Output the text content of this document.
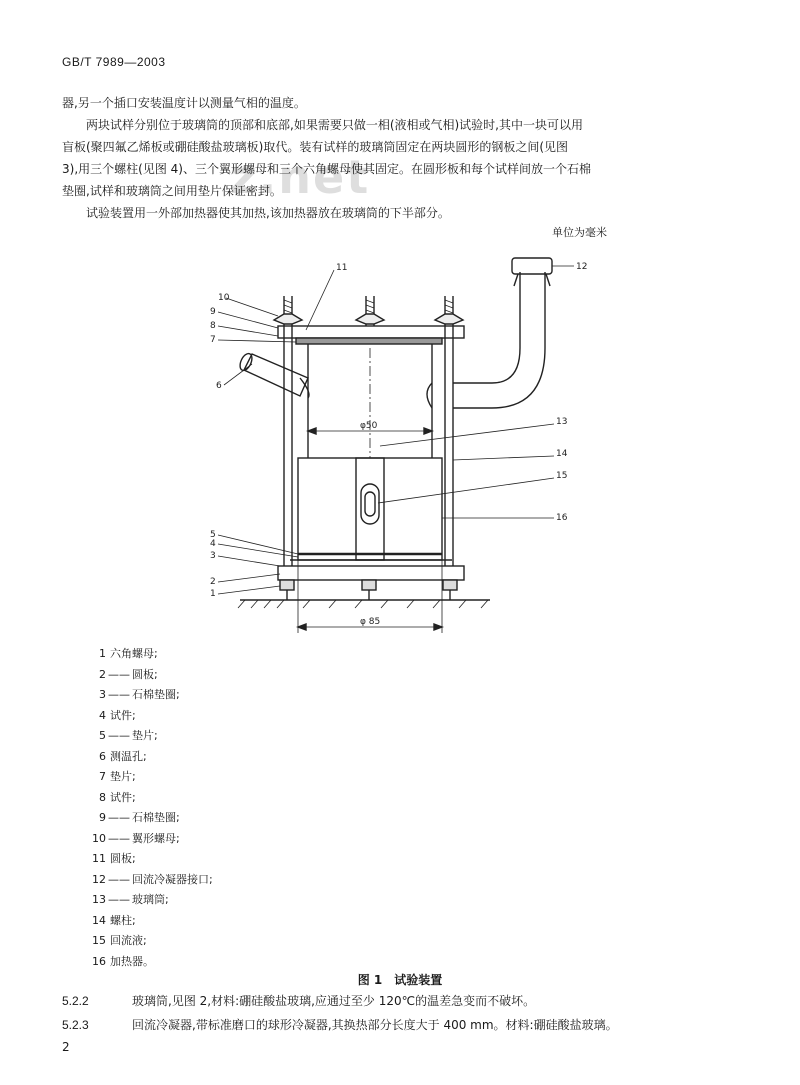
GB/T 7989—2003
z.net
器,另一个插口安装温度计以测量气相的温度。
两块试样分别位于玻璃筒的顶部和底部,如果需要只做一相(液相或气相)试验时,其中一块可以用
盲板(聚四氟乙烯板或硼硅酸盐玻璃板)取代。装有试样的玻璃筒固定在两块圆形的钢板之间(见图
3),用三个螺柱(见图 4)、三个翼形螺母和三个六角螺母使其固定。在圆形板和每个试样间放一个石棉
垫圈,试样和玻璃筒之间用垫片保证密封。
试验装置用一外部加热器使其加热,该加热器放在玻璃筒的下半部分。
单位为毫米
10
9
8
7
6
5
4
3
2
1
11	12
13
14
15
16
φ50
φ 85
1 六角螺母;
2 —— 圆板;
3 —— 石棉垫圈;
4 试件;
5 —— 垫片;
6 测温孔;
7 垫片;
8 试件;
9 —— 石棉垫圈;
10 —— 翼形螺母;
11 圆板;
12 —— 回流冷凝器接口;
13 —— 玻璃筒;
14 螺柱;
15 回流液;
16 加热器。
图 1 试验装置
5.2.2	玻璃筒,见图 2,材料:硼硅酸盐玻璃,应通过至少 120℃的温差急变而不破坏。
5.2.3	回流冷凝器,带标准磨口的球形冷凝器,其换热部分长度大于 400 mm。材料:硼硅酸盐玻璃。
2
